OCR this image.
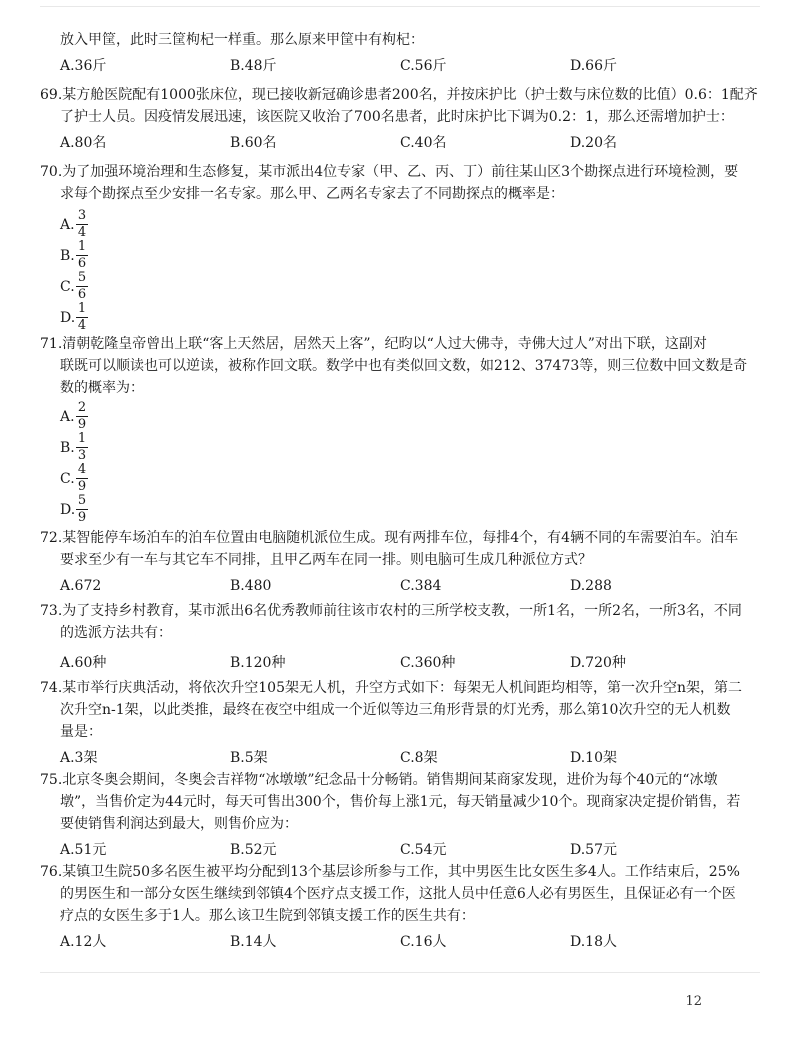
放入甲筐，此时三筐枸杞一样重。那么原来甲筐中有枸杞：
A.36斤	B.48斤	C.56斤	D.66斤
69.某方舱医院配有1000张床位，现已接收新冠确诊患者200名，并按床护比（护士数与床位数的比值）0.6：1配齐
了护士人员。因疫情发展迅速，该医院又收治了700名患者，此时床护比下调为0.2：1，那么还需增加护士：
A.80名	B.60名	C.40名	D.20名
70.为了加强环境治理和生态修复，某市派出4位专家（甲、乙、丙、丁）前往某山区3个勘探点进行环境检测，要
求每个勘探点至少安排一名专家。那么甲、乙两名专家去了不同勘探点的概率是：
A.
3
4
B.
1
6
C.
5
6
D.
1
4
71.清朝乾隆皇帝曾出上联“客上天然居，居然天上客”，纪昀以“人过大佛寺，寺佛大过人”对出下联，这副对
联既可以顺读也可以逆读，被称作回文联。数学中也有类似回文数，如212、37473等，则三位数中回文数是奇
数的概率为：
A.
2
9
B.
1
3
C.
4
9
D.
5
9
72.某智能停车场泊车的泊车位置由电脑随机派位生成。现有两排车位，每排4个，有4辆不同的车需要泊车。泊车
要求至少有一车与其它车不同排，且甲乙两车在同一排。则电脑可生成几种派位方式？
A.672	B.480	C.384	D.288
73.为了支持乡村教育，某市派出6名优秀教师前往该市农村的三所学校支教，一所1名，一所2名，一所3名，不同
的选派方法共有：
A.60种	B.120种	C.360种	D.720种
74.某市举行庆典活动，将依次升空105架无人机，升空方式如下：每架无人机间距均相等，第一次升空n架，第二
次升空n-1架，以此类推，最终在夜空中组成一个近似等边三角形背景的灯光秀，那么第10次升空的无人机数
量是：
A.3架	B.5架	C.8架	D.10架
75.北京冬奥会期间，冬奥会吉祥物“冰墩墩”纪念品十分畅销。销售期间某商家发现，进价为每个40元的“冰墩
墩”，当售价定为44元时，每天可售出300个，售价每上涨1元，每天销量减少10个。现商家决定提价销售，若
要使销售利润达到最大，则售价应为：
A.51元	B.52元	C.54元	D.57元
76.某镇卫生院50多名医生被平均分配到13个基层诊所参与工作，其中男医生比女医生多4人。工作结束后，25%
的男医生和一部分女医生继续到邻镇4个医疗点支援工作，这批人员中任意6人必有男医生，且保证必有一个医
疗点的女医生多于1人。那么该卫生院到邻镇支援工作的医生共有：
A.12人	B.14人	C.16人	D.18人
12
